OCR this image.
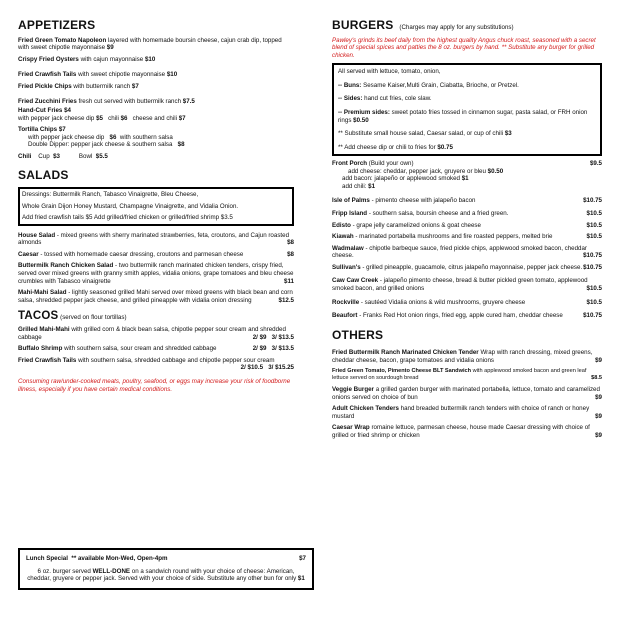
APPETIZERS
Fried Green Tomato Napoleon layered with homemade boursin cheese, cajun crab dip, topped with sweet chipotle mayonnaise $9
Crispy Fried Oysters with cajun mayonnaise $10
Fried Crawfish Tails with sweet chipotle mayonnaise $10
Fried Pickle Chips with buttermilk ranch $7
Fried Zucchini Fries fresh cut served with buttermilk ranch $7.5
Hand-Cut Fries $4
with pepper jack cheese dip $5 chili $6 cheese and chili $7
Tortilla Chips $7
with pepper jack cheese dip $6 with southern salsa
Double Dipper: pepper jack cheese & southern salsa $8
Chili Cup $3	Bowl $5.5
SALADS
Dressings: Buttermilk Ranch, Tabasco Vinaigrette, Bleu Cheese,
Whole Grain Dijon Honey Mustard, Champagne Vinaigrette, and Vidalia Onion.
Add fried crawfish tails $5 Add grilled/fried chicken or grilled/fried shrimp $3.5
House Salad - mixed greens with sherry marinated strawberries, feta, croutons, and Cajun roasted almonds	$8
Caesar - tossed with homemade caesar dressing, croutons and parmesan cheese	$8
Buttermilk Ranch Chicken Salad - two buttermilk ranch marinated chicken tenders, crispy fried, served over mixed greens with granny smith apples, vidalia onions, grape tomatoes and bleu cheese crumbles with Tabasco vinaigrette	$11
Mahi-Mahi Salad - lightly seasoned grilled Mahi served over mixed greens with black bean and corn salsa, shredded pepper jack cheese, and grilled pineapple with vidalia onion dressing	$12.5
TACOS (served on flour tortillas)
Grilled Mahi-Mahi with grilled corn & black bean salsa, chipotle pepper sour cream and shredded cabbage	2/ $9 3/ $13.5
Buffalo Shrimp with southern salsa, sour cream and shredded cabbage	2/ $9 3/ $13.5
Fried Crawfish Tails with southern salsa, shredded cabbage and chipotle pepper sour cream
2/ $10.5 3/ $15.25
Consuming raw/under-cooked meats, poultry, seafood, or eggs may increase your risk of foodborne illness, especially if you have certain medical conditions.
Lunch Special ** available Mon-Wed, Open-4pm	$7
6 oz. burger served WELL-DONE on a sandwich round with your choice of cheese: American, cheddar, gruyere or pepper jack. Served with your choice of side. Substitute any other bun for only $1
BURGERS (Charges may apply for any substitutions)
Pawley's grinds its beef daily from the highest quality Angus chuck roast, seasoned with a secret blend of special spices and patties the 8 oz. burgers by hand. ** Substitute any burger for grilled chicken.
All served with lettuce, tomato, onion,
-- Buns: Sesame Kaiser,Multi Grain, Ciabatta, Brioche, or Pretzel.
-- Sides: hand cut fries, cole slaw.
-- Premium sides: sweet potato fries tossed in cinnamon sugar, pasta salad, or FRH onion rings $0.50
** Substitute small house salad, Caesar salad, or cup of chili $3
** Add cheese dip or chili to fries for $0.75
Front Porch (Build your own)	$9.5
add cheese: cheddar, pepper jack, gruyere or bleu $0.50
add bacon: jalapeño or applewood smoked $1
add chili: $1
Isle of Palms - pimento cheese with jalapeño bacon	$10.75
Fripp Island - southern salsa, boursin cheese and a fried green.	$10.5
Edisto - grape jelly caramelized onions & goat cheese	$10.5
Kiawah - marinated portabella mushrooms and fire roasted peppers, melted brie	$10.5
Wadmalaw - chipotle barbeque sauce, fried pickle chips, applewood smoked bacon, cheddar cheese.	$10.75
Sullivan's - grilled pineapple, guacamole, citrus jalapeño mayonnaise, pepper jack cheese. $10.75
Caw Caw Creek - jalapeño pimento cheese, bread & butter pickled green tomato, applewood smoked bacon, and grilled onions	$10.5
Rockville - sautéed Vidalia onions & wild mushrooms, gruyere cheese	$10.5
Beaufort - Franks Red Hot onion rings, fried egg, apple cured ham, cheddar cheese	$10.75
OTHERS
Fried Buttermilk Ranch Marinated Chicken Tender Wrap with ranch dressing, mixed greens, cheddar cheese, bacon, grape tomatoes and vidalia onions	$9
Fried Green Tomato, Pimento Cheese BLT Sandwich with applewood smoked bacon and green leaf lettuce served on sourdough bread	$8.5
Veggie Burger a grilled garden burger with marinated portabella, lettuce, tomato and caramelized onions served on choice of bun	$9
Adult Chicken Tenders hand breaded buttermilk ranch tenders with choice of ranch or honey mustard	$9
Caesar Wrap romaine lettuce, parmesan cheese, house made Caesar dressing with choice of grilled or fried shrimp or chicken	$9
